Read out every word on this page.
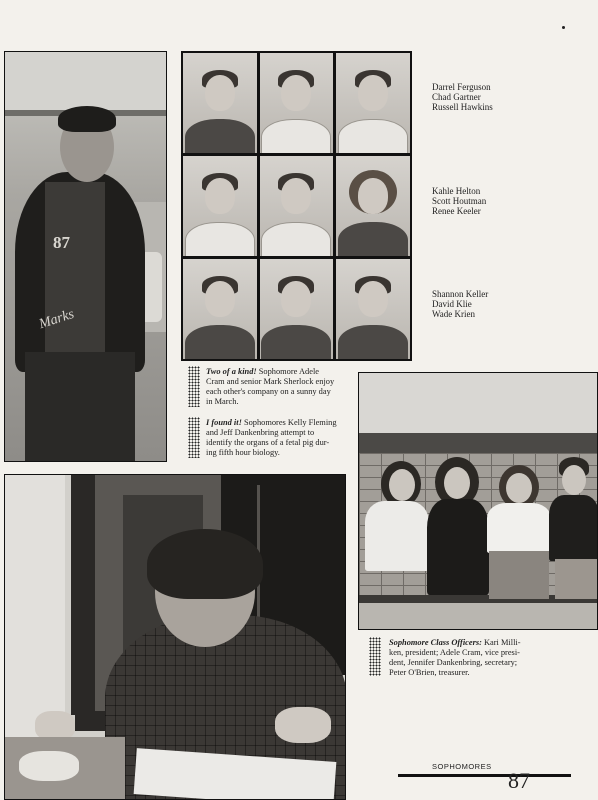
87
Marks
Darrel Ferguson
Chad Gartner
Russell Hawkins
Kahle Helton
Scott Houtman
Renee Keeler
Shannon Keller
David Klie
Wade Krien
Two of a kind! Sophomore Adele
Cram and senior Mark Sherlock enjoy
each other's company on a sunny day
in March.
I found it! Sophomores Kelly Fleming
and Jeff Dankenbring attempt to
identify the organs of a fetal pig dur-
ing fifth hour biology.
Sophomore Class Officers: Kari Milli-
ken, president; Adele Cram, vice presi-
dent, Jennifer Dankenbring, secretary;
Peter O'Brien, treasurer.
SOPHOMORES
87
